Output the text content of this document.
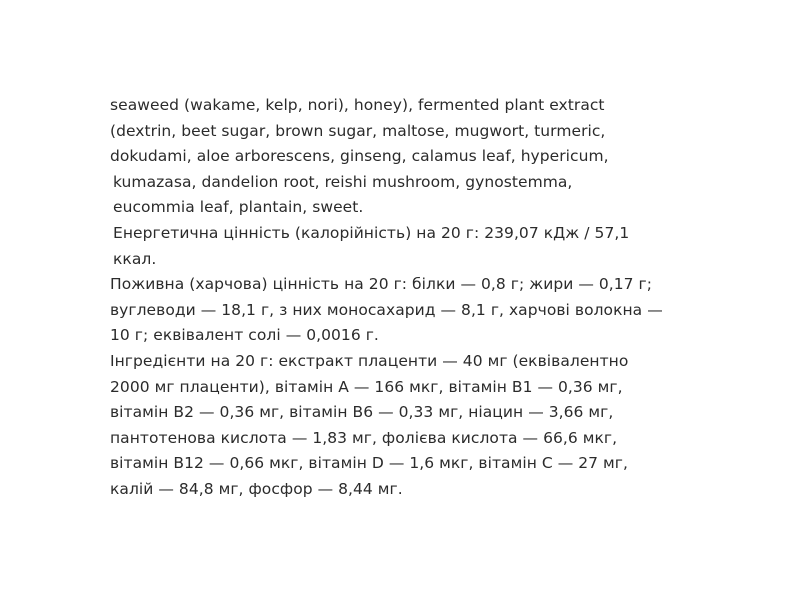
seaweed (wakame, kelp, nori), honey), fermented plant extract
(dextrin, beet sugar, brown sugar, maltose, mugwort, turmeric,
dokudami, aloe arborescens, ginseng, calamus leaf, hypericum,
kumazasa, dandelion root, reishi mushroom, gynostemma,
eucommia leaf, plantain, sweet.
Енергетична цінність (калорійність) на 20 г: 239,07 кДж / 57,1
ккал.
Поживна (харчова) цінність на 20 г: білки — 0,8 г; жири — 0,17 г;
вуглеводи — 18,1 г, з них моносахарид — 8,1 г, харчові волокна —
10 г; еквівалент солі — 0,0016 г.
Інгредієнти на 20 г: екстракт плаценти — 40 мг (еквівалентно
2000 мг плаценти), вітамін A — 166 мкг, вітамін B1 — 0,36 мг,
вітамін B2 — 0,36 мг, вітамін B6 — 0,33 мг, ніацин — 3,66 мг,
пантотенова кислота — 1,83 мг, фолієва кислота — 66,6 мкг,
вітамін B12 — 0,66 мкг, вітамін D — 1,6 мкг, вітамін C — 27 мг,
калій — 84,8 мг, фосфор — 8,44 мг.
